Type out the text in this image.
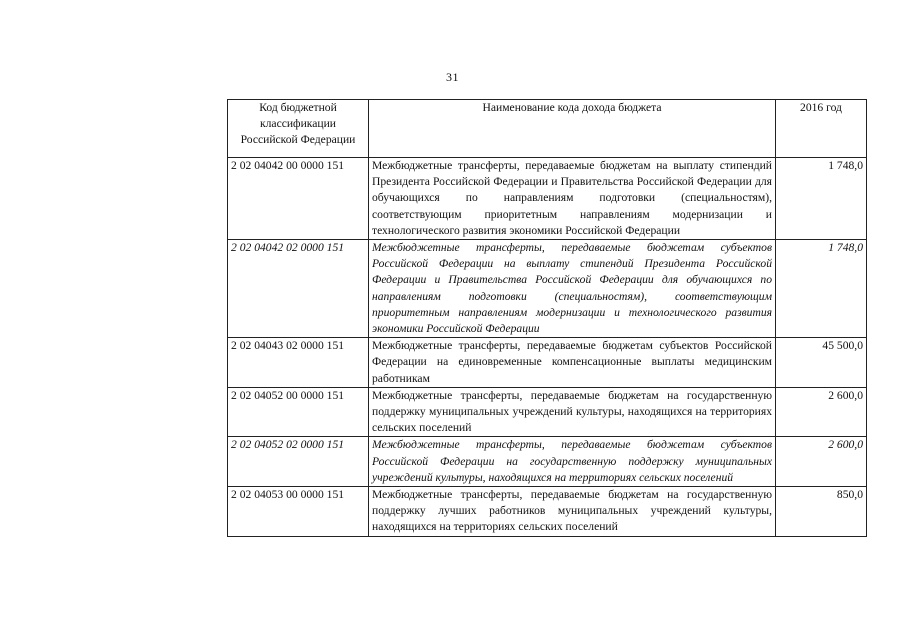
31
Код бюджетной классификации Российской Федерации	Наименование кода дохода бюджета	2016 год
2 02 04042 00 0000 151	Межбюджетные трансферты, передаваемые бюджетам на выплату стипендий Президента Российской Федерации и Правительства Российской Федерации для обучающихся по направлениям подготовки (специальностям), соответствующим приоритетным направлениям модернизации и технологического развития экономики Российской Федерации	1 748,0
2 02 04042 02 0000 151	Межбюджетные трансферты, передаваемые бюджетам субъектов Российской Федерации на выплату стипендий Президента Российской Федерации и Правительства Российской Федерации для обучающихся по направлениям подготовки (специальностям), соответствующим приоритетным направлениям модернизации и технологического развития экономики Российской Федерации	1 748,0
2 02 04043 02 0000 151	Межбюджетные трансферты, передаваемые бюджетам субъектов Российской Федерации на единовременные компенсационные выплаты медицинским работникам	45 500,0
2 02 04052 00 0000 151	Межбюджетные трансферты, передаваемые бюджетам на государственную поддержку муниципальных учреждений культуры, находящихся на территориях сельских поселений	2 600,0
2 02 04052 02 0000 151	Межбюджетные трансферты, передаваемые бюджетам субъектов Российской Федерации на государственную поддержку муниципальных учреждений культуры, находящихся на территориях сельских поселений	2 600,0
2 02 04053 00 0000 151	Межбюджетные трансферты, передаваемые бюджетам на государственную поддержку лучших работников муниципальных учреждений культуры, находящихся на территориях сельских поселений	850,0
